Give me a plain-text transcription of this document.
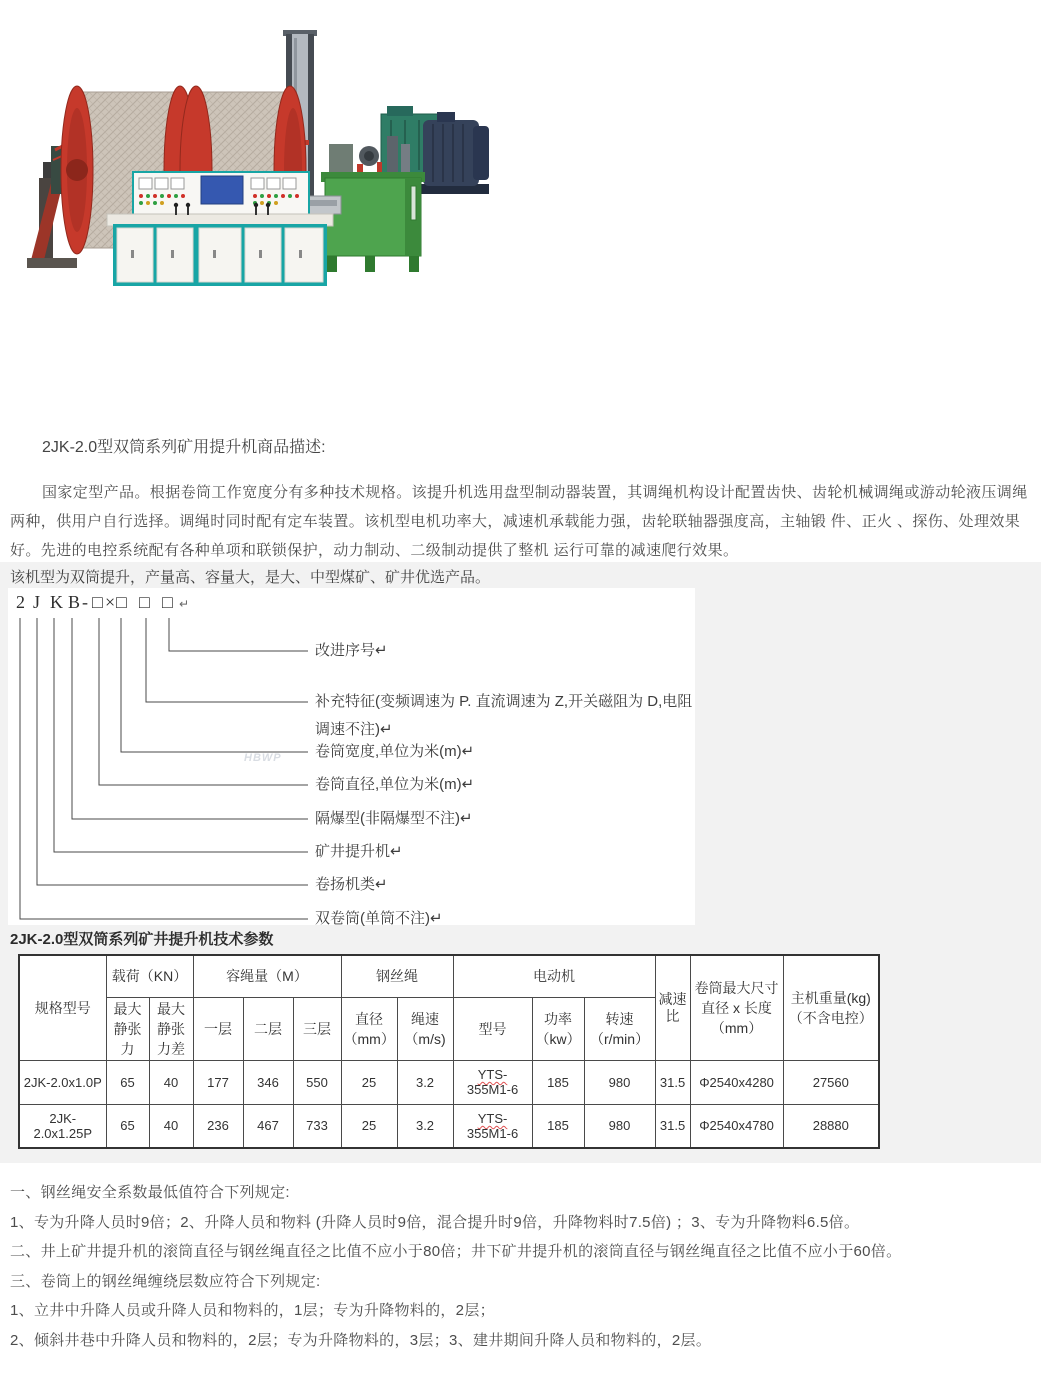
2JK-2.0型双筒系列矿用提升机商品描述:

国家定型产品。根据卷筒工作宽度分有多种技术规格。该提升机选用盘型制动器装置，其调绳机构设计配置齿快、齿轮机械调绳或游动轮液压调绳两种，供用户自行选择。调绳时同时配有定车装置。该机型电机功率大，减速机承载能力强，齿轮联轴器强度高，主轴锻 件、正火 、探伤、处理效果好。先进的电控系统配有各种单项和联锁保护，动力制动、二级制动提供了整机 运行可靠的减速爬行效果。

该机型为双筒提升，产量高、容量大，是大、中型煤矿、矿井优选产品。

2 J K B - □ × □ □ □ ↵
HBWP
改进序号↵
补充特征(变频调速为 P. 直流调速为 Z,开关磁阻为 D,电阻调速不注)↵
卷筒宽度,单位为米(m)↵
卷筒直径,单位为米(m)↵
隔爆型(非隔爆型不注)↵
矿井提升机↵
卷扬机类↵
双卷筒(单筒不注)↵

2JK-2.0型双筒系列矿井提升机技术参数

规格型号	载荷（KN）		容绳量（M）			钢丝绳		电动机			减速比	卷筒最大尺寸 直径 x 长度 （mm）	主机重量(kg) （不含电控）
	最大静张力	最大静张力差	一层	二层	三层	直径（mm）	绳速（m/s)	型号	功率（kw）	转速（r/min）			
2JK-2.0x1.0P	65	40	177	346	550	25	3.2	YTS-
355M1-6	185	980	31.5	Φ2540x4280	27560
2JK-2.0x1.25P	65	40	236	467	733	25	3.2	YTS-
355M1-6	185	980	31.5	Φ2540x4780	28880

一、钢丝绳安全系数最低值符合下列规定:

1、专为升降人员时9倍；2、升降人员和物料 (升降人员时9倍，混合提升时9倍，升降物料时7.5倍) ；3、专为升降物料6.5倍。

二、井上矿井提升机的滚筒直径与钢丝绳直径之比值不应小于80倍；井下矿井提升机的滚筒直径与钢丝绳直径之比值不应小于60倍。

三、卷筒上的钢丝绳缠绕层数应符合下列规定:

1、立井中升降人员或升降人员和物料的，1层；专为升降物料的，2层；

2、倾斜井巷中升降人员和物料的，2层；专为升降物料的，3层；3、建井期间升降人员和物料的，2层。
